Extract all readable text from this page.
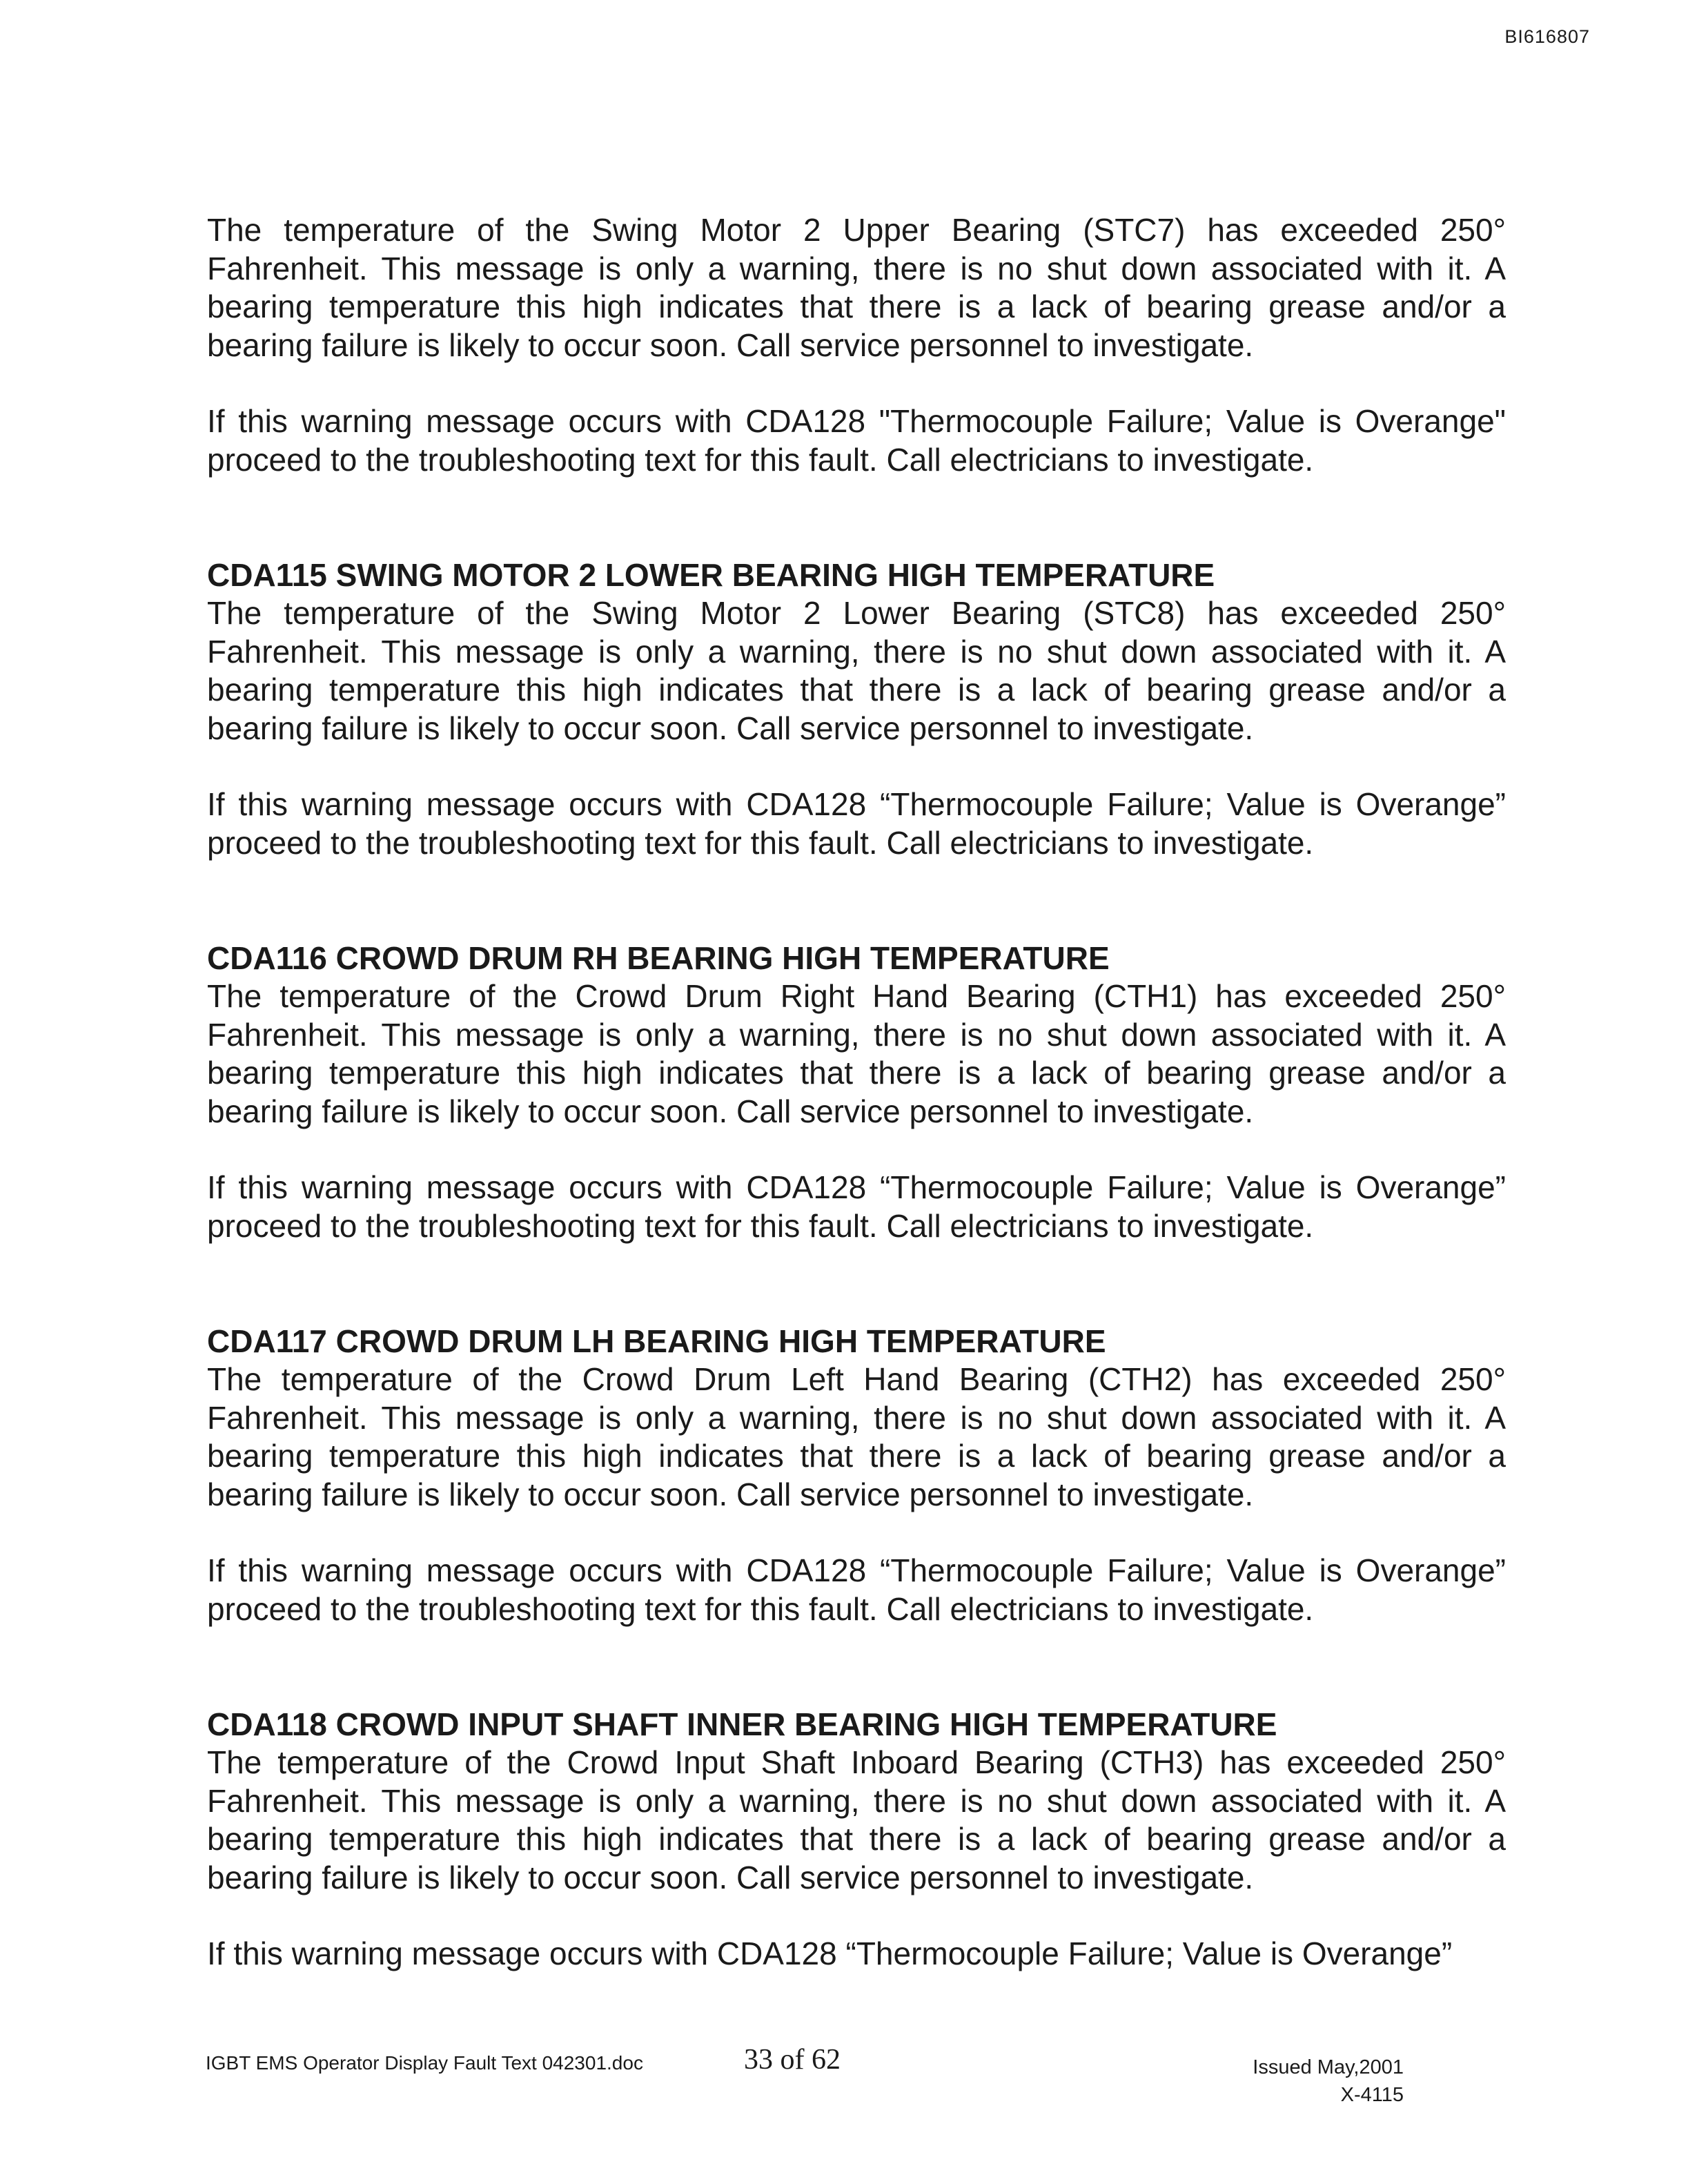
BI616807

The temperature of the Swing Motor 2 Upper Bearing (STC7) has exceeded 250° Fahrenheit. This message is only a warning, there is no shut down associated with it. A bearing temperature this high indicates that there is a lack of bearing grease and/or a bearing failure is likely to occur soon. Call service personnel to investigate.

If this warning message occurs with CDA128 "Thermocouple Failure; Value is Overange" proceed to the troubleshooting text for this fault. Call electricians to investigate.

CDA115 SWING MOTOR 2 LOWER BEARING HIGH TEMPERATURE

The temperature of the Swing Motor 2 Lower Bearing (STC8) has exceeded 250° Fahrenheit. This message is only a warning, there is no shut down associated with it. A bearing temperature this high indicates that there is a lack of bearing grease and/or a bearing failure is likely to occur soon. Call service personnel to investigate.

If this warning message occurs with CDA128 “Thermocouple Failure; Value is Overange” proceed to the troubleshooting text for this fault. Call electricians to investigate.

CDA116 CROWD DRUM RH BEARING HIGH TEMPERATURE

The temperature of the Crowd Drum Right Hand Bearing (CTH1) has exceeded 250° Fahrenheit. This message is only a warning, there is no shut down associated with it. A bearing temperature this high indicates that there is a lack of bearing grease and/or a bearing failure is likely to occur soon. Call service personnel to investigate.

If this warning message occurs with CDA128 “Thermocouple Failure; Value is Overange” proceed to the troubleshooting text for this fault. Call electricians to investigate.

CDA117 CROWD DRUM LH BEARING HIGH TEMPERATURE

The temperature of the Crowd Drum Left Hand Bearing (CTH2) has exceeded 250° Fahrenheit. This message is only a warning, there is no shut down associated with it. A bearing temperature this high indicates that there is a lack of bearing grease and/or a bearing failure is likely to occur soon. Call service personnel to investigate.

If this warning message occurs with CDA128 “Thermocouple Failure; Value is Overange” proceed to the troubleshooting text for this fault. Call electricians to investigate.

CDA118 CROWD INPUT SHAFT INNER BEARING HIGH TEMPERATURE

The temperature of the Crowd Input Shaft Inboard Bearing (CTH3) has exceeded 250° Fahrenheit. This message is only a warning, there is no shut down associated with it. A bearing temperature this high indicates that there is a lack of bearing grease and/or a bearing failure is likely to occur soon. Call service personnel to investigate.

If this warning message occurs with CDA128 “Thermocouple Failure; Value is Overange”

IGBT EMS Operator Display Fault Text 042301.doc	33 of 62	Issued May,2001
X-4115
